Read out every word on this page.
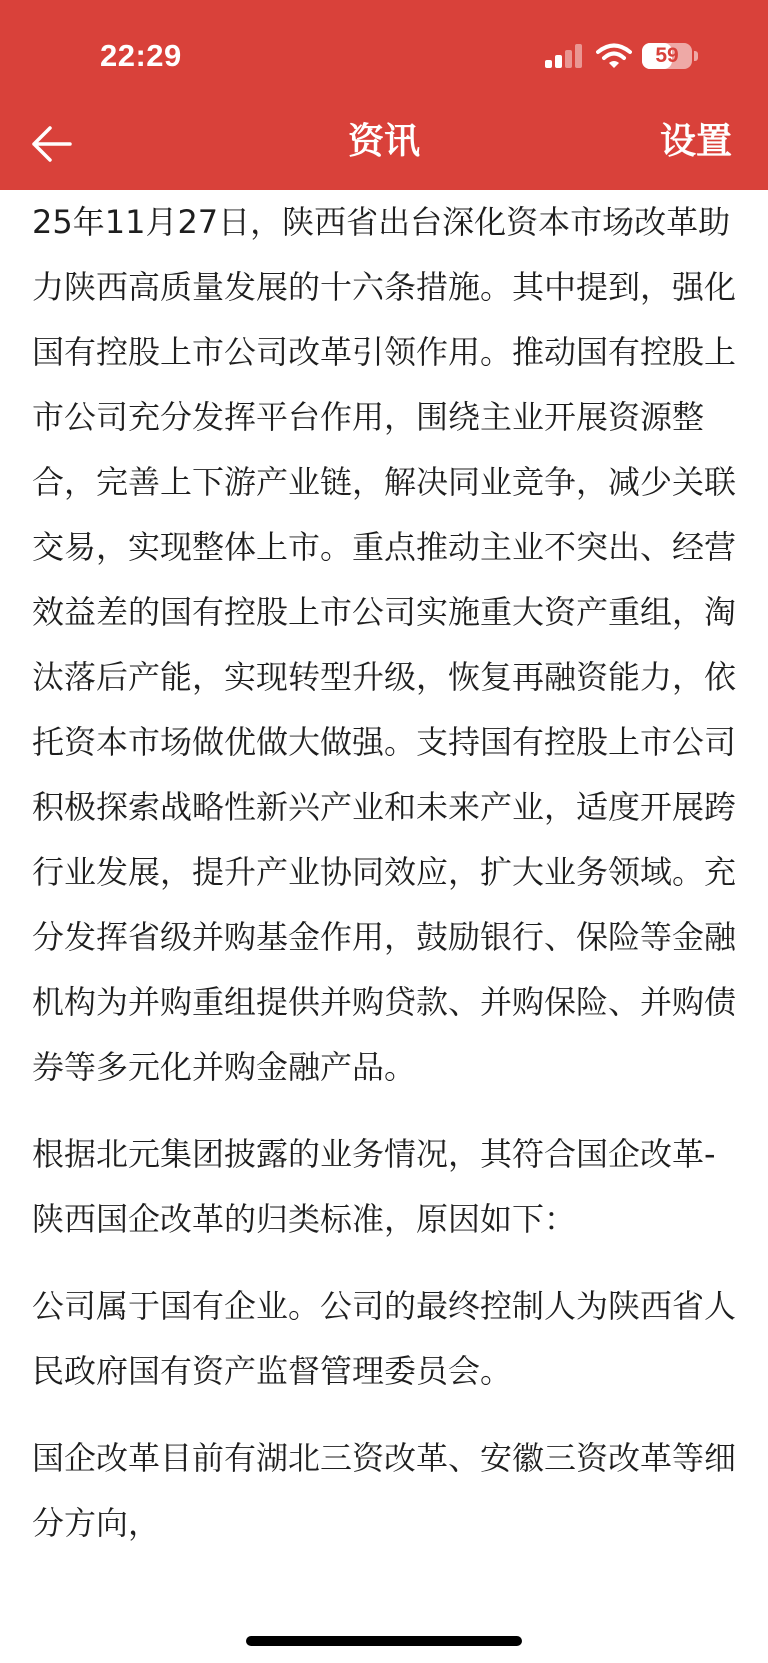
22:29	59
资讯	设置

25年11月27日，陕西省出台深化资本市场改革助力陕西高质量发展的十六条措施。其中提到，强化国有控股上市公司改革引领作用。推动国有控股上市公司充分发挥平台作用，围绕主业开展资源整合，完善上下游产业链，解决同业竞争，减少关联交易，实现整体上市。重点推动主业不突出、经营效益差的国有控股上市公司实施重大资产重组，淘汰落后产能，实现转型升级，恢复再融资能力，依托资本市场做优做大做强。支持国有控股上市公司积极探索战略性新兴产业和未来产业，适度开展跨行业发展，提升产业协同效应，扩大业务领域。充分发挥省级并购基金作用，鼓励银行、保险等金融机构为并购重组提供并购贷款、并购保险、并购债券等多元化并购金融产品。

根据北元集团披露的业务情况，其符合国企改革-陕西国企改革的归类标准，原因如下：

公司属于国有企业。公司的最终控制人为陕西省人民政府国有资产监督管理委员会。

国企改革目前有湖北三资改革、安徽三资改革等细分方向，
